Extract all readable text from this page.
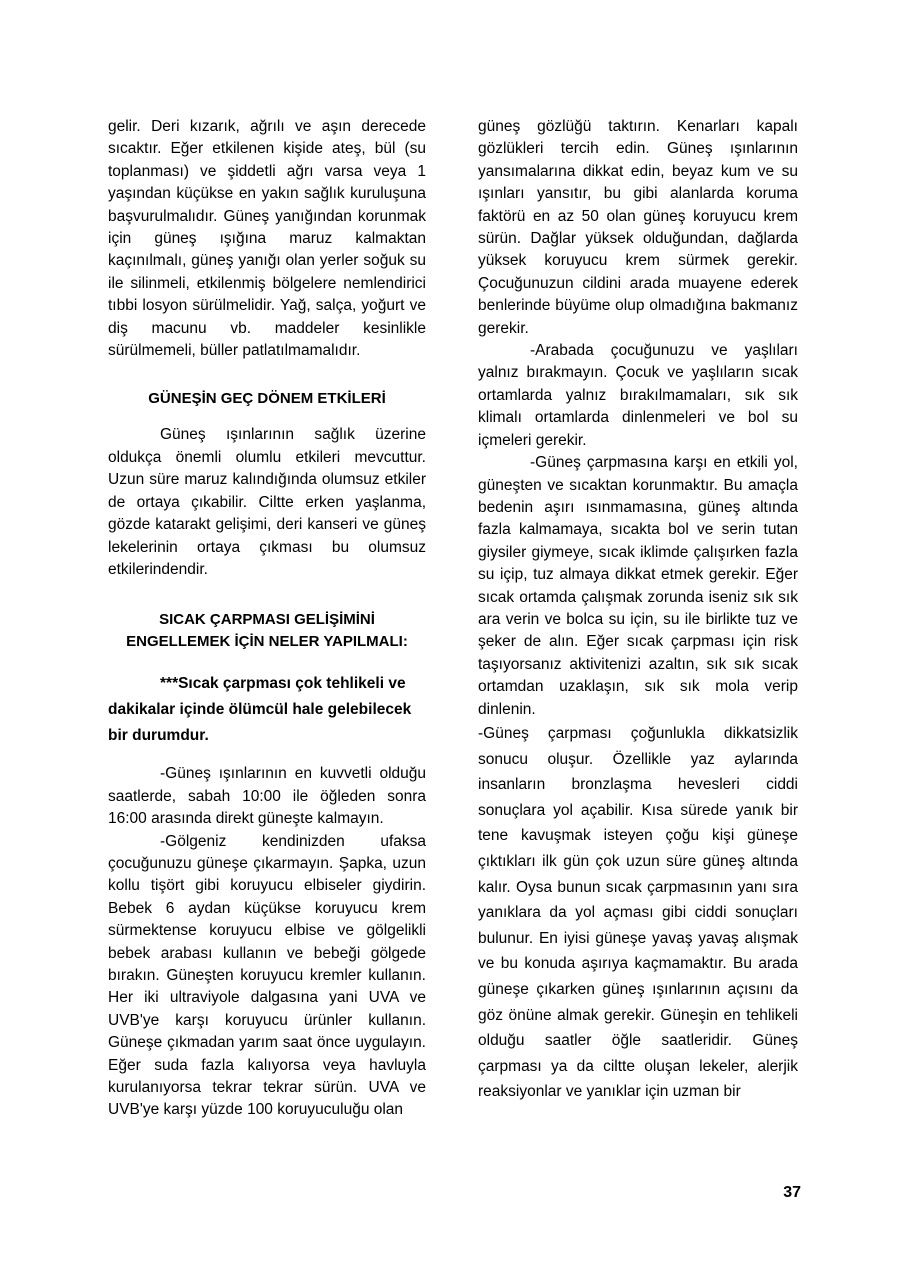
gelir. Deri kızarık, ağrılı ve aşın derecede sıcaktır. Eğer etkilenen kişide ateş, bül (su toplanması) ve şiddetli ağrı varsa veya 1 yaşından küçükse en yakın sağlık kuruluşuna başvurulmalıdır. Güneş yanığından korunmak için güneş ışığına maruz kalmaktan kaçınılmalı, güneş yanığı olan yerler soğuk su ile silinmeli, etkilenmiş bölgelere nemlendirici tıbbi losyon sürülmelidir. Yağ, salça, yoğurt ve diş macunu vb. maddeler kesinlikle sürülmemeli, büller patlatılmamalıdır.

GÜNEŞİN GEÇ DÖNEM ETKİLERİ

Güneş ışınlarının sağlık üzerine oldukça önemli olumlu etkileri mevcuttur. Uzun süre maruz kalındığında olumsuz etkiler de ortaya çıkabilir. Ciltte erken yaşlanma, gözde katarakt gelişimi, deri kanseri ve güneş lekelerinin ortaya çıkması bu olumsuz etkilerindendir.

SICAK ÇARPMASI GELİŞİMİNİ ENGELLEMEK İÇİN NELER YAPILMALI:

***Sıcak çarpması çok tehlikeli ve dakikalar içinde ölümcül hale gelebilecek bir durumdur.

-Güneş ışınlarının en kuvvetli olduğu saatlerde, sabah 10:00 ile öğleden sonra 16:00 arasında direkt güneşte kalmayın.

-Gölgeniz kendinizden ufaksa çocuğunuzu güneşe çıkarmayın. Şapka, uzun kollu tişört gibi koruyucu elbiseler giydirin. Bebek 6 aydan küçükse koruyucu krem sürmektense koruyucu elbise ve gölgelikli bebek arabası kullanın ve bebeği gölgede bırakın. Güneşten koruyucu kremler kullanın. Her iki ultraviyole dalgasına yani UVA ve UVB'ye karşı koruyucu ürünler kullanın. Güneşe çıkmadan yarım saat önce uygulayın. Eğer suda fazla kalıyorsa veya havluyla kurulanıyorsa tekrar tekrar sürün. UVA ve UVB'ye karşı yüzde 100 koruyuculuğu olan

güneş gözlüğü taktırın. Kenarları kapalı gözlükleri tercih edin. Güneş ışınlarının yansımalarına dikkat edin, beyaz kum ve su ışınları yansıtır, bu gibi alanlarda koruma faktörü en az 50 olan güneş koruyucu krem sürün. Dağlar yüksek olduğundan, dağlarda yüksek koruyucu krem sürmek gerekir. Çocuğunuzun cildini arada muayene ederek benlerinde büyüme olup olmadığına bakmanız gerekir.

-Arabada çocuğunuzu ve yaşlıları yalnız bırakmayın. Çocuk ve yaşlıların sıcak ortamlarda yalnız bırakılmamaları, sık sık klimalı ortamlarda dinlenmeleri ve bol su içmeleri gerekir.

-Güneş çarpmasına karşı en etkili yol, güneşten ve sıcaktan korunmaktır. Bu amaçla bedenin aşırı ısınmamasına, güneş altında fazla kalmamaya, sıcakta bol ve serin tutan giysiler giymeye, sıcak iklimde çalışırken fazla su içip, tuz almaya dikkat etmek gerekir. Eğer sıcak ortamda çalışmak zorunda iseniz sık sık ara verin ve bolca su için, su ile birlikte tuz ve şeker de alın. Eğer sıcak çarpması için risk taşıyorsanız aktivitenizi azaltın, sık sık sıcak ortamdan uzaklaşın, sık sık mola verip dinlenin.

-Güneş çarpması çoğunlukla dikkatsizlik sonucu oluşur. Özellikle yaz aylarında insanların bronzlaşma hevesleri ciddi sonuçlara yol açabilir. Kısa sürede yanık bir tene kavuşmak isteyen çoğu kişi güneşe çıktıkları ilk gün çok uzun süre güneş altında kalır. Oysa bunun sıcak çarpmasının yanı sıra yanıklara da yol açması gibi ciddi sonuçları bulunur. En iyisi güneşe yavaş yavaş alışmak ve bu konuda aşırıya kaçmamaktır. Bu arada güneşe çıkarken güneş ışınlarının açısını da göz önüne almak gerekir. Güneşin en tehlikeli olduğu saatler öğle saatleridir. Güneş çarpması ya da ciltte oluşan lekeler, alerjik reaksiyonlar ve yanıklar için uzman bir

37
